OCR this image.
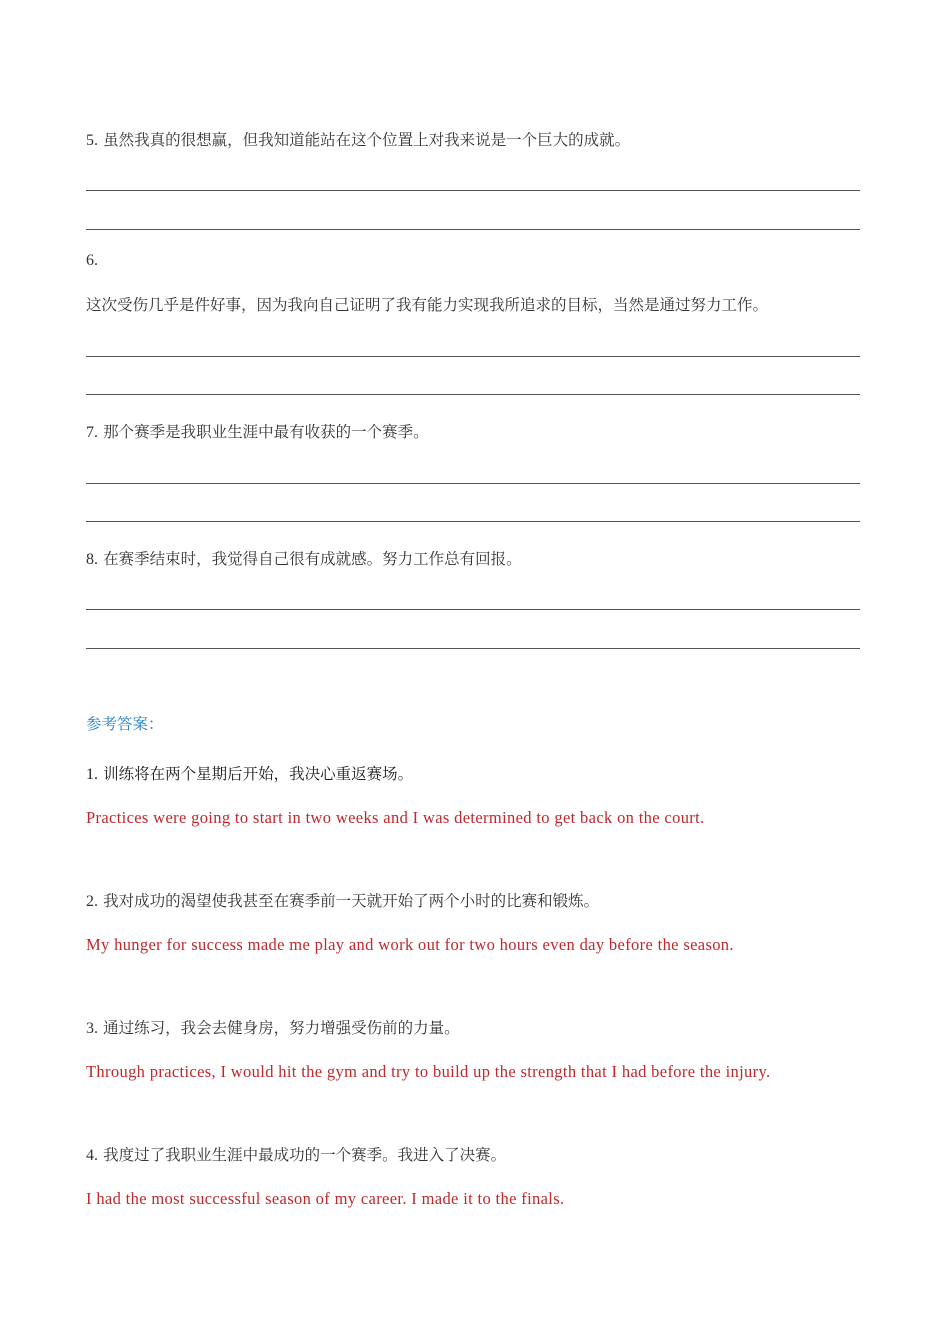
5. 虽然我真的很想赢，但我知道能站在这个位置上对我来说是一个巨大的成就。
6.
这次受伤几乎是件好事，因为我向自己证明了我有能力实现我所追求的目标，当然是通过努力工作。
7. 那个赛季是我职业生涯中最有收获的一个赛季。
8. 在赛季结束时，我觉得自己很有成就感。努力工作总有回报。
参考答案：
1. 训练将在两个星期后开始，我决心重返赛场。
Practices were going to start in two weeks and I was determined to get back on the court.
2. 我对成功的渴望使我甚至在赛季前一天就开始了两个小时的比赛和锻炼。
My hunger for success made me play and work out for two hours even day before the season.
3. 通过练习，我会去健身房，努力增强受伤前的力量。
Through practices, I would hit the gym and try to build up the strength that I had before the injury.
4. 我度过了我职业生涯中最成功的一个赛季。我进入了决赛。
I had the most successful season of my career. I made it to the finals.
